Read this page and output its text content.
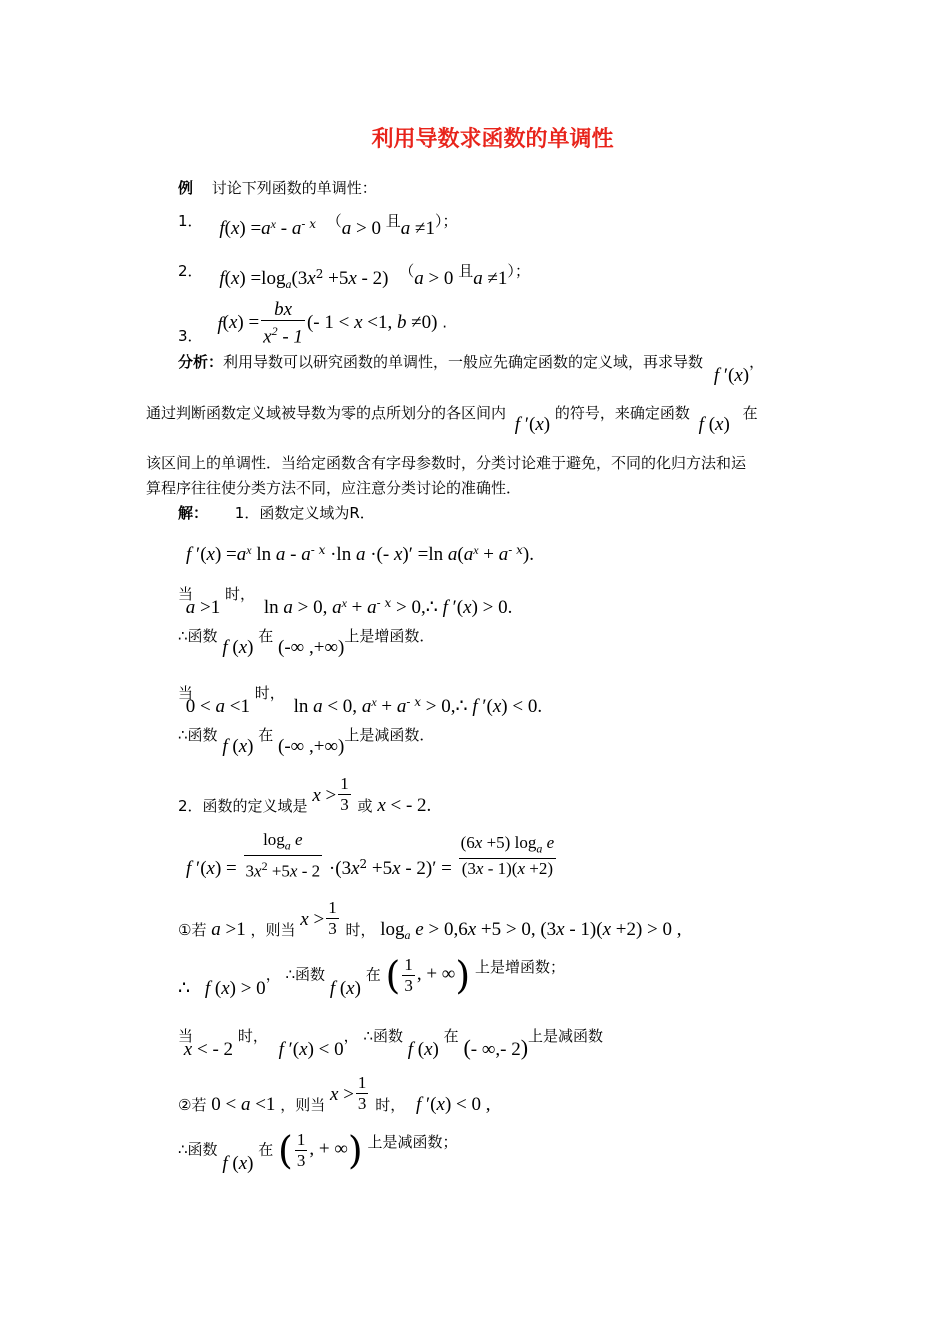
利用导数求函数的单调性
例 讨论下列函数的单调性：
1． $f(x) =a^x - a^{- x}$ （a > 0 且a ≠1）；
2． $f(x) =\log_a(3x^2 +5x - 2) (a > 0$ 且a ≠1）；
3． $f(x) = \frac{bx}{x^2 - 1}$ (- 1 < x <1, b ≠0) .
分析：利用导数可以研究函数的单调性，一般应先确定函数的定义域，再求导数 f ′(x)，
通过判断函数定义域被导数为零的点所划分的各区间内 f ′(x) 的符号，来确定函数 f (x) 在
该区间上的单调性．当给定函数含有字母参数时，分类讨论难于避免，不同的化归方法和运
算程序往往使分类方法不同，应注意分类讨论的准确性．
解： 1．函数定义域为R．
f $'(x) =a^x$ $\ln a - a^{- x} \cdot\ln$ a ·(- x)′ =ln $a(a^x + a^{- x})$.
当 a >1 时， ln a > 0, $a^x + a^{- x}$ > 0,∴ f ′(x) > 0.
∴函数 f (x) 在 (-∞ ,+∞)上是增函数．
当 0 < a <1 时， ln a < 0, $a^x + a^{- x}$ > 0,∴ f ′(x) < 0.
∴函数 f (x) 在 (-∞ ,+∞)上是减函数．
2．函数的定义域是 $x > \frac{1}{3}$ 或 x < - 2.
f $'(x) = \frac{\log_a e}{3x^2 +5x - 2} \cdot(3x^2 +5x - 2)' = \frac{(6x +5) \log_a e}{(3x - 1)(x +2)}$
①若 a >1 ，则当 $x > \frac{1}{3}$ 时， $\log_a e > 0,6x +5 > 0$, (3x - 1)(x +2) > 0 ,
∴ f (x) > 0， ∴函数 f (x) 在 ( $\frac{1}{3}$ , + ∞) 上是增函数；
当 x < - 2 时， f ′(x) < 0， ∴函数 f (x) 在 (- ∞,- 2)上是减函数
②若 0 < a <1 ，则当 $x > \frac{1}{3}$ 时， f ′(x) < 0 ,
∴函数 f (x) 在 ( $\frac{1}{3}$ , + ∞) 上是减函数；
